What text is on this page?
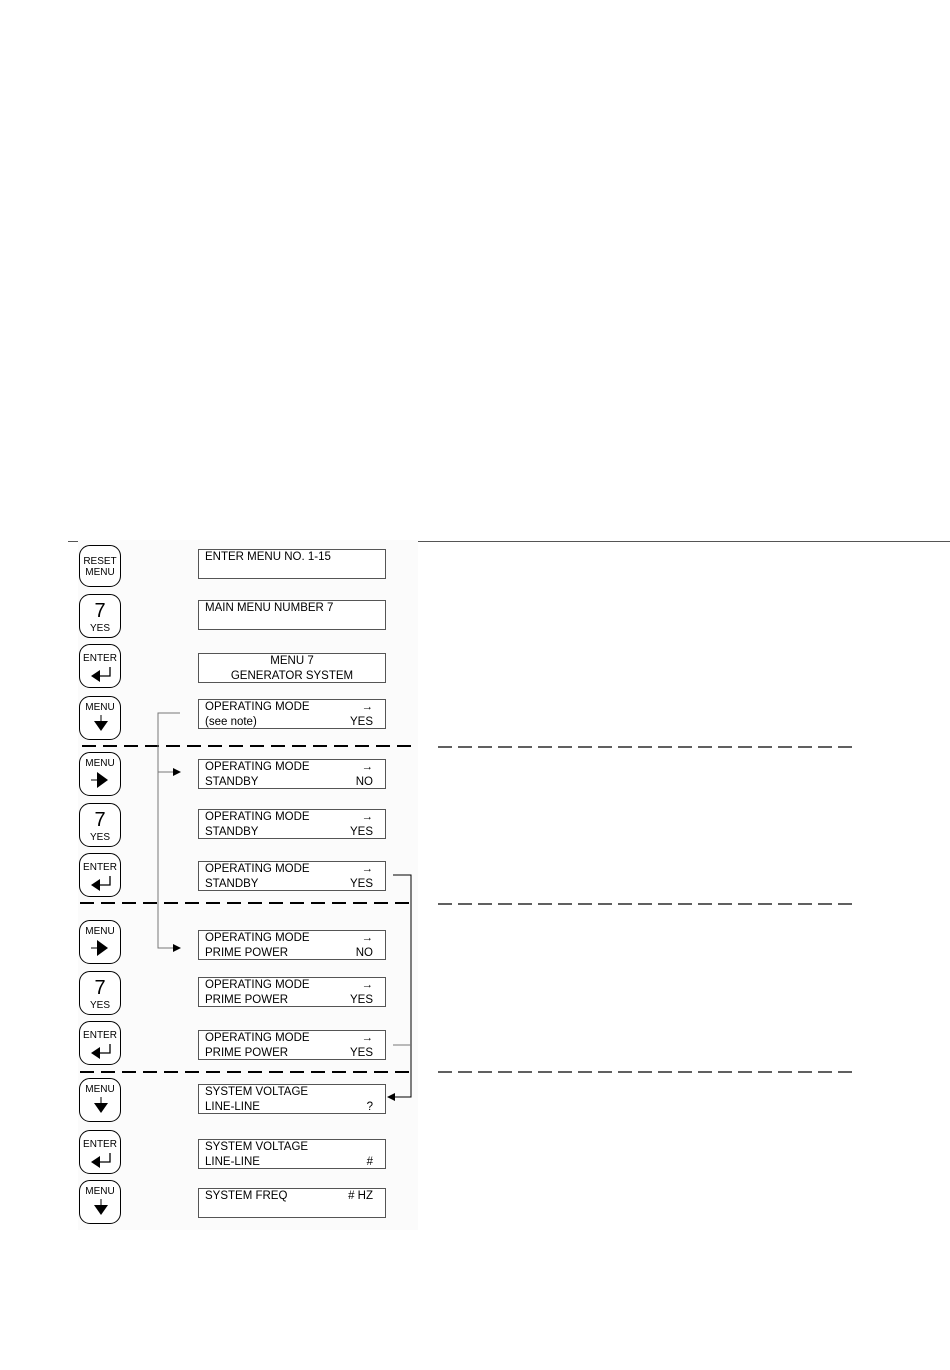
RESET
MENU
7
YES
ENTER
MENU
MENU
7
YES
ENTER
MENU
7
YES
ENTER
MENU
ENTER
MENU
ENTER MENU NO. 1-15
MAIN MENU NUMBER 7
MENU 7
GENERATOR SYSTEM
OPERATING MODE	→
(see note)	YES
OPERATING MODE	→
STANDBY	NO
OPERATING MODE	→
STANDBY	YES
OPERATING MODE	→
STANDBY	YES
OPERATING MODE	→
PRIME POWER	NO
OPERATING MODE	→
PRIME POWER	YES
OPERATING MODE	→
PRIME POWER	YES
SYSTEM VOLTAGE
LINE-LINE	?
SYSTEM VOLTAGE
LINE-LINE	#
SYSTEM FREQ	# HZ
